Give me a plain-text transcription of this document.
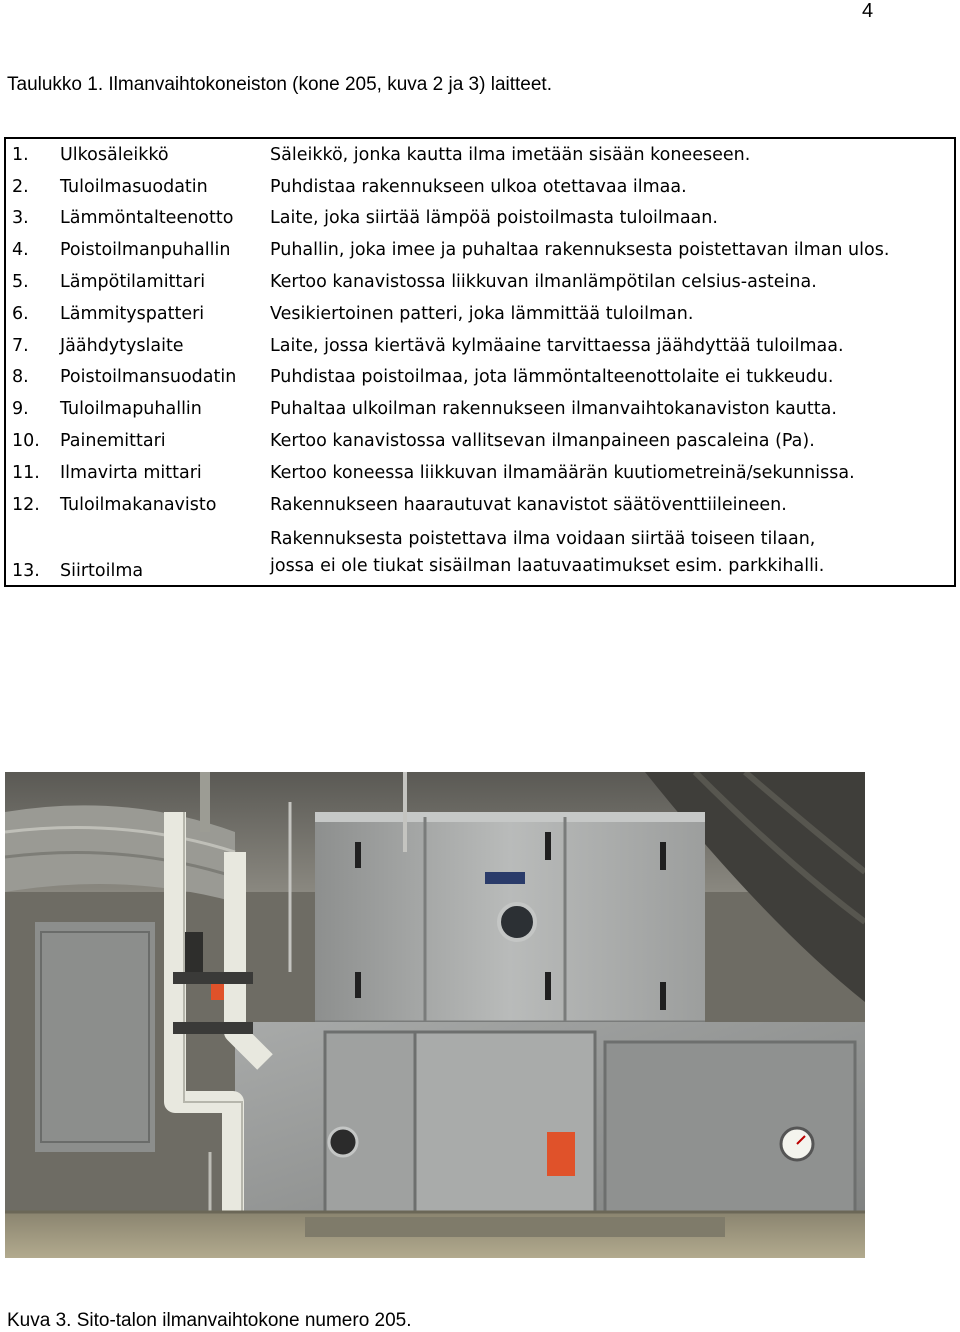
4
Taulukko 1. Ilmanvaihtokoneiston (kone 205, kuva 2 ja 3) laitteet.
1.	Ulkosäleikkö	Säleikkö, jonka kautta ilma imetään sisään koneeseen.

2.	Tuloilmasuodatin	Puhdistaa rakennukseen ulkoa otettavaa ilmaa.

3.	Lämmöntalteenotto	Laite, joka siirtää lämpöä poistoilmasta tuloilmaan.

4.	Poistoilmanpuhallin	Puhallin, joka imee ja puhaltaa rakennuksesta poistettavan ilman ulos.

5.	Lämpötilamittari	Kertoo kanavistossa liikkuvan ilmanlämpötilan celsius-asteina.

6.	Lämmityspatteri	Vesikiertoinen patteri, joka lämmittää tuloilman.

7.	Jäähdytyslaite	Laite, jossa kiertävä kylmäaine tarvittaessa jäähdyttää tuloilmaa.

8.	Poistoilmansuodatin	Puhdistaa poistoilmaa, jota lämmöntalteenottolaite ei tukkeudu.

9.	Tuloilmapuhallin	Puhaltaa ulkoilman rakennukseen ilmanvaihtokanaviston kautta.

10.	Painemittari	Kertoo kanavistossa vallitsevan ilmanpaineen pascaleina (Pa).

11.	Ilmavirta mittari	Kertoo koneessa liikkuvan ilmamäärän kuutiometreinä/sekunnissa.

12.	Tuloilmakanavisto	Rakennukseen haarautuvat kanavistot säätöventtiileineen.

13.	Siirtoilma	Rakennuksesta poistettava ilma voidaan siirtää toiseen tilaan,
jossa ei ole tiukat sisäilman laatuvaatimukset esim. parkkihalli.
Kuva 3. Sito-talon ilmanvaihtokone numero 205.
